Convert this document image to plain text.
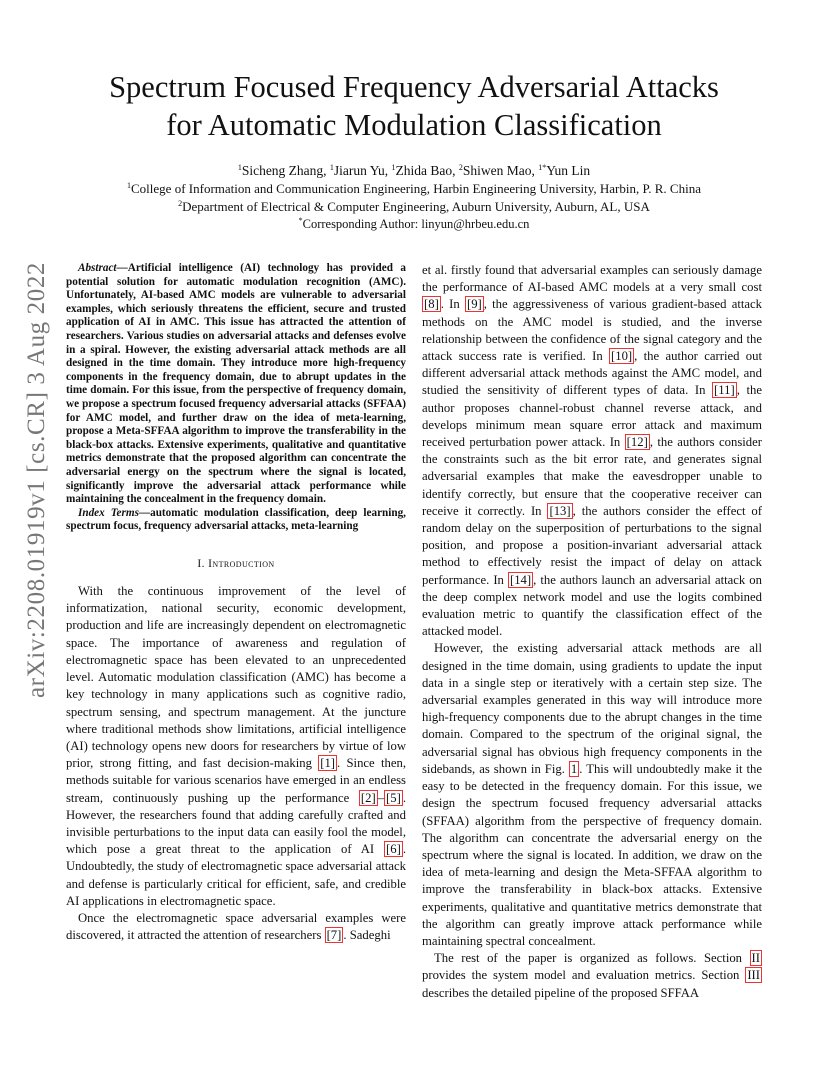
arXiv:2208.01919v1 [cs.CR] 3 Aug 2022
Spectrum Focused Frequency Adversarial Attacks
for Automatic Modulation Classification
$^1$Sicheng Zhang, $^1$Jiarun Yu, $^1$Zhida Bao, $^2$Shiwen Mao, $^{1*}$Yun Lin
$^1$College of Information and Communication Engineering, Harbin Engineering University, Harbin, P. R. China
$^2$Department of Electrical & Computer Engineering, Auburn University, Auburn, AL, USA
*Corresponding Author: linyun@hrbeu.edu.cn

Abstract—Artificial intelligence (AI) technology has provided a potential solution for automatic modulation recognition (AMC). Unfortunately, AI-based AMC models are vulnerable to adversarial examples, which seriously threatens the efficient, secure and trusted application of AI in AMC. This issue has attracted the attention of researchers. Various studies on adversarial attacks and defenses evolve in a spiral. However, the existing adversarial attack methods are all designed in the time domain. They introduce more high-frequency components in the frequency domain, due to abrupt updates in the time domain. For this issue, from the perspective of frequency domain, we propose a spectrum focused frequency adversarial attacks (SFFAA) for AMC model, and further draw on the idea of meta-learning, propose a Meta-SFFAA algorithm to improve the transferability in the black-box attacks. Extensive experiments, qualitative and quantitative metrics demonstrate that the proposed algorithm can concentrate the adversarial energy on the spectrum where the signal is located, significantly improve the adversarial attack performance while maintaining the concealment in the frequency domain.

Index Terms—automatic modulation classification, deep learning, spectrum focus, frequency adversarial attacks, meta-learning

I. Introduction

With the continuous improvement of the level of informatization, national security, economic development, production and life are increasingly dependent on electromagnetic space. The importance of awareness and regulation of electromagnetic space has been elevated to an unprecedented level. Automatic modulation classification (AMC) has become a key technology in many applications such as cognitive radio, spectrum sensing, and spectrum management. At the juncture where traditional methods show limitations, artificial intelligence (AI) technology opens new doors for researchers by virtue of low prior, strong fitting, and fast decision-making [1] . Since then, methods suitable for various scenarios have emerged in an endless stream, continuously pushing up the performance [2] – [5] . However, the researchers found that adding carefully crafted and invisible perturbations to the input data can easily fool the model, which pose a great threat to the application of AI [6] . Undoubtedly, the study of electromagnetic space adversarial attack and defense is particularly critical for efficient, safe, and credible AI applications in electromagnetic space.

Once the electromagnetic space adversarial examples were discovered, it attracted the attention of researchers [7] . Sadeghi

et al. firstly found that adversarial examples can seriously damage the performance of AI-based AMC models at a very small cost [8] . In [9] , the aggressiveness of various gradient-based attack methods on the AMC model is studied, and the inverse relationship between the confidence of the signal category and the attack success rate is verified. In [10] , the author carried out different adversarial attack methods against the AMC model, and studied the sensitivity of different types of data. In [11] , the author proposes channel-robust channel reverse attack, and develops minimum mean square error attack and maximum received perturbation power attack. In [12] , the authors consider the constraints such as the bit error rate, and generates signal adversarial examples that make the eavesdropper unable to identify correctly, but ensure that the cooperative receiver can receive it correctly. In [13] , the authors consider the effect of random delay on the superposition of perturbations to the signal position, and propose a position-invariant adversarial attack method to effectively resist the impact of delay on attack performance. In [14] , the authors launch an adversarial attack on the deep complex network model and use the logits combined evaluation metric to quantify the classification effect of the attacked model.

However, the existing adversarial attack methods are all designed in the time domain, using gradients to update the input data in a single step or iteratively with a certain step size. The adversarial examples generated in this way will introduce more high-frequency components due to the abrupt changes in the time domain. Compared to the spectrum of the original signal, the adversarial signal has obvious high frequency components in the sidebands, as shown in Fig. 1 . This will undoubtedly make it the easy to be detected in the frequency domain. For this issue, we design the spectrum focused frequency adversarial attacks (SFFAA) algorithm from the perspective of frequency domain. The algorithm can concentrate the adversarial energy on the spectrum where the signal is located. In addition, we draw on the idea of meta-learning and design the Meta-SFFAA algorithm to improve the transferability in black-box attacks. Extensive experiments, qualitative and quantitative metrics demonstrate that the algorithm can greatly improve attack performance while maintaining spectral concealment.

The rest of the paper is organized as follows. Section II provides the system model and evaluation metrics. Section III describes the detailed pipeline of the proposed SFFAA
